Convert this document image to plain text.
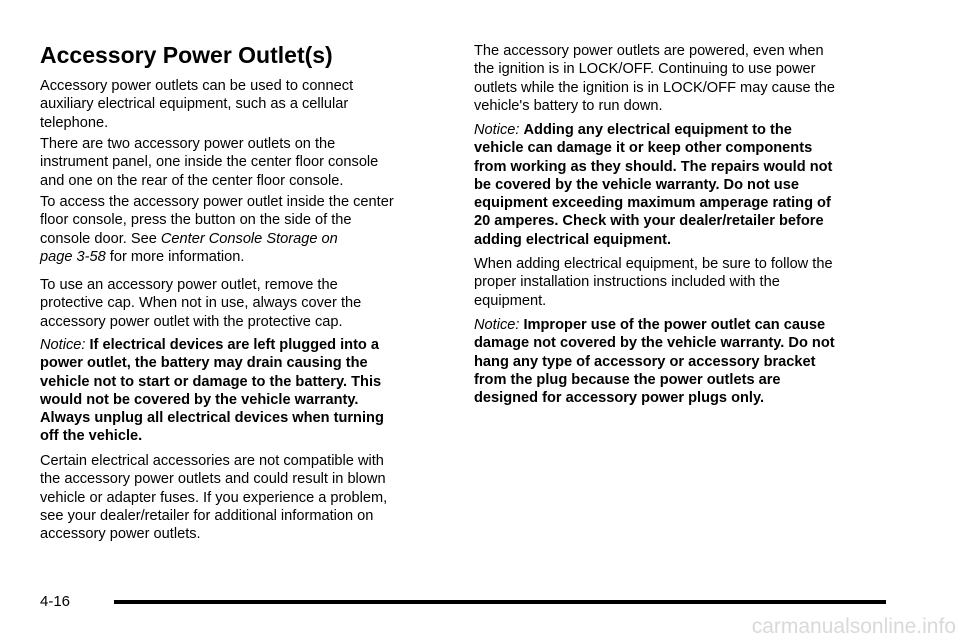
Accessory Power Outlet(s)

Accessory power outlets can be used to connect
auxiliary electrical equipment, such as a cellular
telephone.

There are two accessory power outlets on the
instrument panel, one inside the center floor console
and one on the rear of the center floor console.

To access the accessory power outlet inside the center
floor console, press the button on the side of the
console door. See Center Console Storage on
page 3‑58 for more information.

To use an accessory power outlet, remove the
protective cap. When not in use, always cover the
accessory power outlet with the protective cap.

Notice: If electrical devices are left plugged into a
power outlet, the battery may drain causing the
vehicle not to start or damage to the battery. This
would not be covered by the vehicle warranty.
Always unplug all electrical devices when turning
off the vehicle.

Certain electrical accessories are not compatible with
the accessory power outlets and could result in blown
vehicle or adapter fuses. If you experience a problem,
see your dealer/retailer for additional information on
accessory power outlets.

The accessory power outlets are powered, even when
the ignition is in LOCK/OFF. Continuing to use power
outlets while the ignition is in LOCK/OFF may cause the
vehicle's battery to run down.

Notice: Adding any electrical equipment to the
vehicle can damage it or keep other components
from working as they should. The repairs would not
be covered by the vehicle warranty. Do not use
equipment exceeding maximum amperage rating of
20 amperes. Check with your dealer/retailer before
adding electrical equipment.

When adding electrical equipment, be sure to follow the
proper installation instructions included with the
equipment.

Notice: Improper use of the power outlet can cause
damage not covered by the vehicle warranty. Do not
hang any type of accessory or accessory bracket
from the plug because the power outlets are
designed for accessory power plugs only.

4-16
carmanualsonline.info
